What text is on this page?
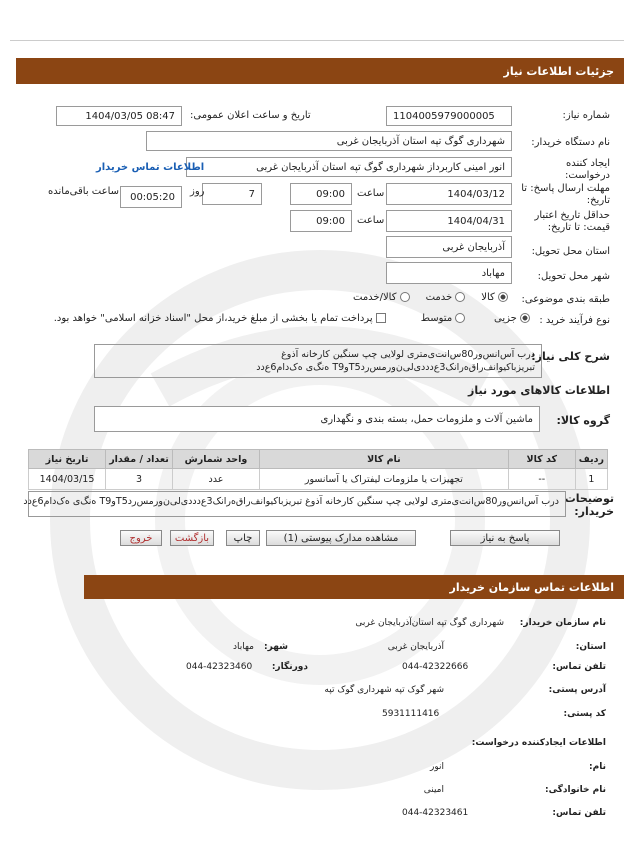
جزئیات اطلاعات نیاز
شماره نیاز:
1104005979000005
تاریخ و ساعت اعلان عمومی:
1404/03/05 08:47
نام دستگاه خریدار:
شهرداری گوگ تپه استان آذربایجان غربی
ایجاد کننده درخواست:
انور امینی کاربرداز شهرداری گوگ تپه استان آذربایجان غربی
اطلاعات تماس خریدار
مهلت ارسال پاسخ: تا تاریخ:
1404/03/12
ساعت
09:00
7
روز
00:05:20
ساعت باقی‌مانده
حداقل تاریخ اعتبار قیمت: تا تاریخ:
1404/04/31
ساعت
09:00
استان محل تحویل:
آذربایجان غربی
شهر محل تحویل:
مهاباد
طبقه بندی موضوعی:
کالا      خدمت      کالا/خدمت
نوع فرآیند خرید :
جزیی          متوسط            پرداخت تمام یا بخشی از مبلغ خرید،از محل "اسناد خزانه اسلامی" خواهد بود.
شرح کلی نیاز:
درب آس‌انس‌ور80س‌انت‌ی‌متری لولایی چپ سنگین کارخانه آذوغ تبریزباکیوانف‌راق‌ه‌رانک3ع‌دددی‌لی‌ن‌ورمس‌ردT5وT9 ه‌نگ‌ی ه‌ک‌دام6ع‌دد
اطلاعات کالاهای مورد نیاز
گروه کالا:
ماشین آلات و ملزومات حمل، بسته بندی و نگهداری
ردیف	کد کالا	نام کالا	واحد شمارش	تعداد / مقدار	تاریخ نیاز
1	--	تجهیزات یا ملزومات لیفتراک یا آسانسور	عدد	3	1404/03/15
توضیحات خریدار:
درب آس‌انس‌ور80س‌انت‌ی‌متری لولایی چپ سنگین کارخانه آذوغ تبریزباکیوانف‌راق‌ه‌رانک3ع‌دددی‌لی‌ن‌ورمس‌ردT5وT9 ه‌نگ‌ی ه‌ک‌دام6ع‌دد
پاسخ به نیاز
مشاهده مدارک پیوستی (1)
چاپ
بازگشت
خروج
اطلاعات تماس سازمان خریدار
نام سازمان خریدار:
شهرداری گوگ تپه استان‌آذربایجان غربی
استان:
آذربایجان غربی
شهر:
مهاباد
تلفن تماس:
044-42322666
دورنگار:
044-42323460
آدرس پستی:
شهر گوک تپه شهرداری گوک تپه
کد پستی:
5931111416
اطلاعات ایجادکننده درخواست:
نام:
انور
نام خانوادگی:
امینی
تلفن تماس:
044-42323461
